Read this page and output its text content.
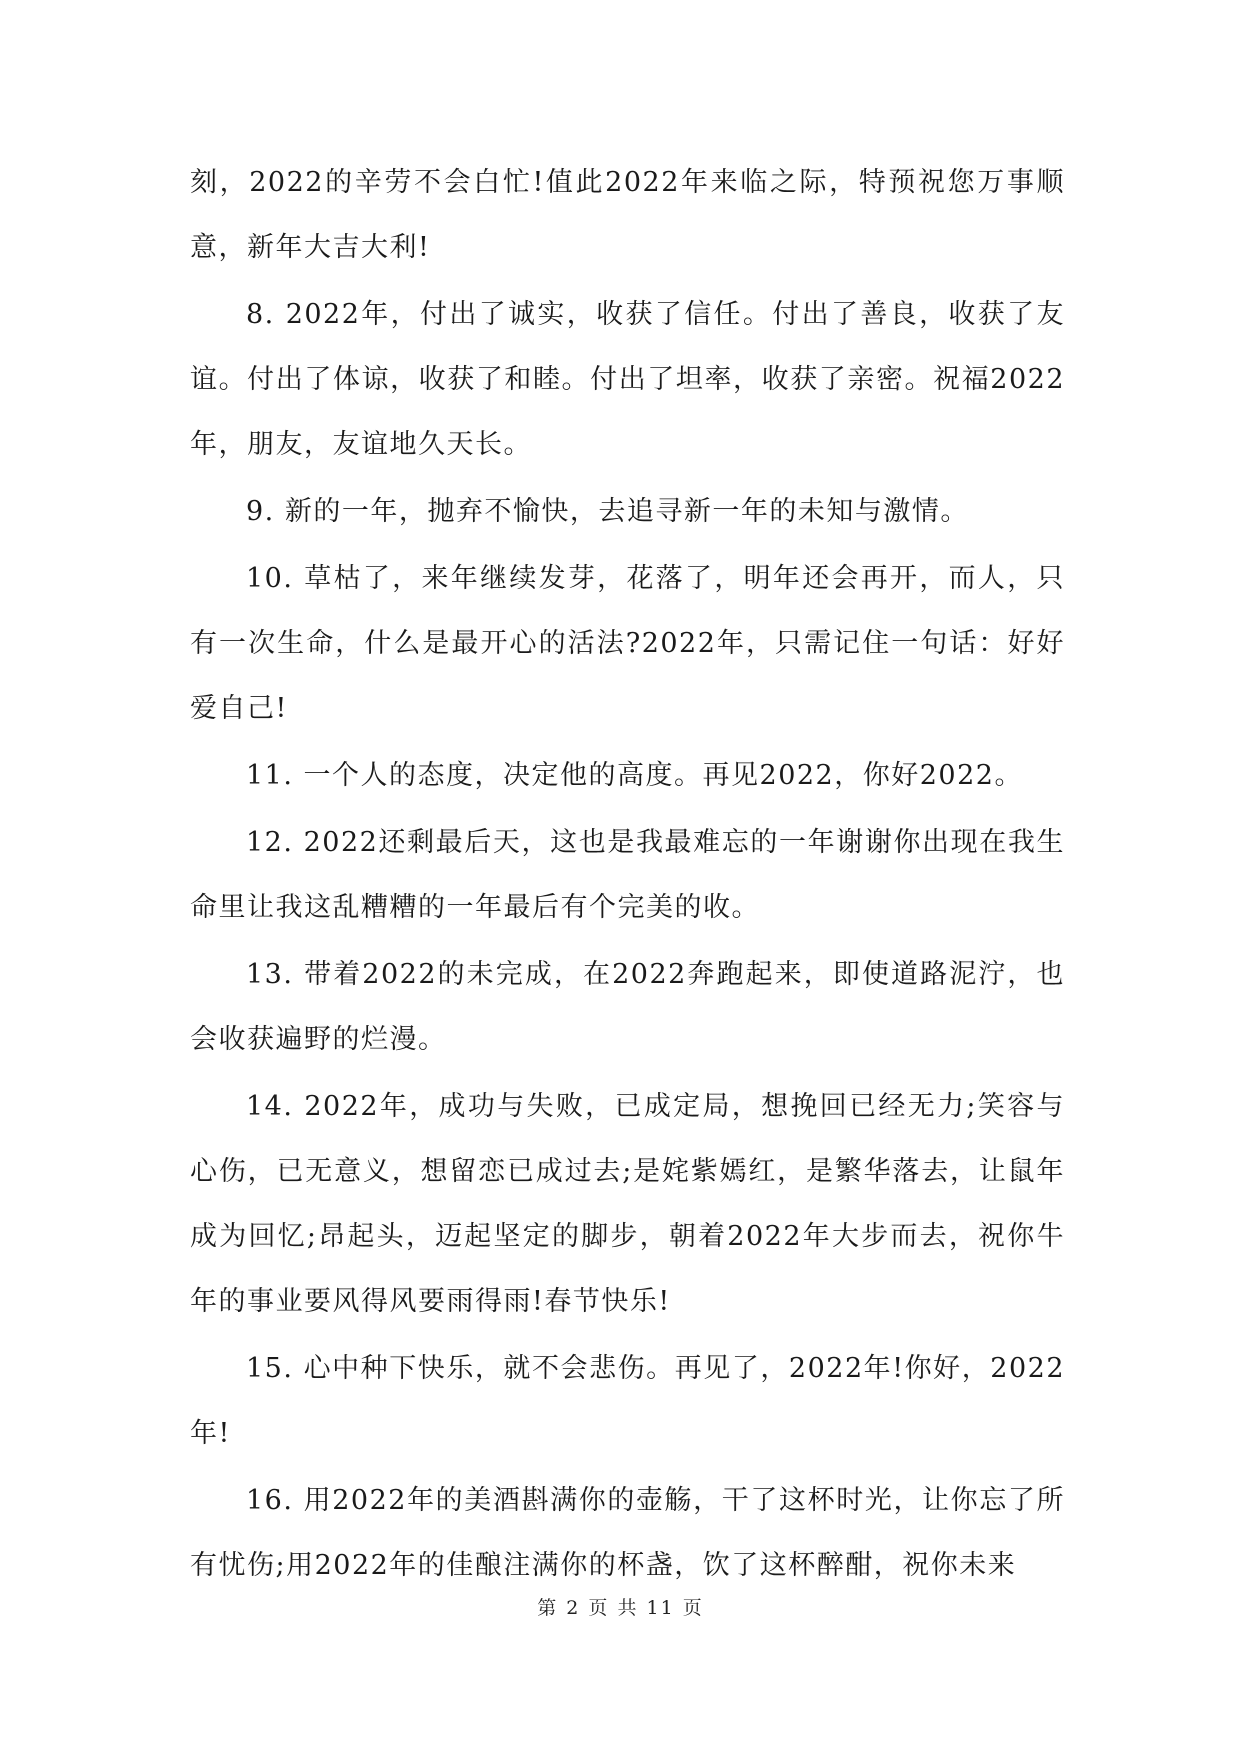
刻，2022的辛劳不会白忙!值此2022年来临之际，特预祝您万事顺意，新年大吉大利!

8. 2022年，付出了诚实，收获了信任。付出了善良，收获了友谊。付出了体谅，收获了和睦。付出了坦率，收获了亲密。祝福2022年，朋友，友谊地久天长。

9. 新的一年，抛弃不愉快，去追寻新一年的未知与激情。

10. 草枯了，来年继续发芽，花落了，明年还会再开，而人，只有一次生命，什么是最开心的活法?2022年，只需记住一句话：好好爱自己!

11. 一个人的态度，决定他的高度。再见2022，你好2022。

12. 2022还剩最后天，这也是我最难忘的一年谢谢你出现在我生命里让我这乱糟糟的一年最后有个完美的收。

13. 带着2022的未完成，在2022奔跑起来，即使道路泥泞，也会收获遍野的烂漫。

14. 2022年，成功与失败，已成定局，想挽回已经无力;笑容与心伤，已无意义，想留恋已成过去;是姹紫嫣红，是繁华落去，让鼠年成为回忆;昂起头，迈起坚定的脚步，朝着2022年大步而去，祝你牛年的事业要风得风要雨得雨!春节快乐!

15. 心中种下快乐，就不会悲伤。再见了，2022年!你好，2022年!

16. 用2022年的美酒斟满你的壶觞，干了这杯时光，让你忘了所有忧伤;用2022年的佳酿注满你的杯盏，饮了这杯醉酣，祝你未来

第 2 页 共 11 页
